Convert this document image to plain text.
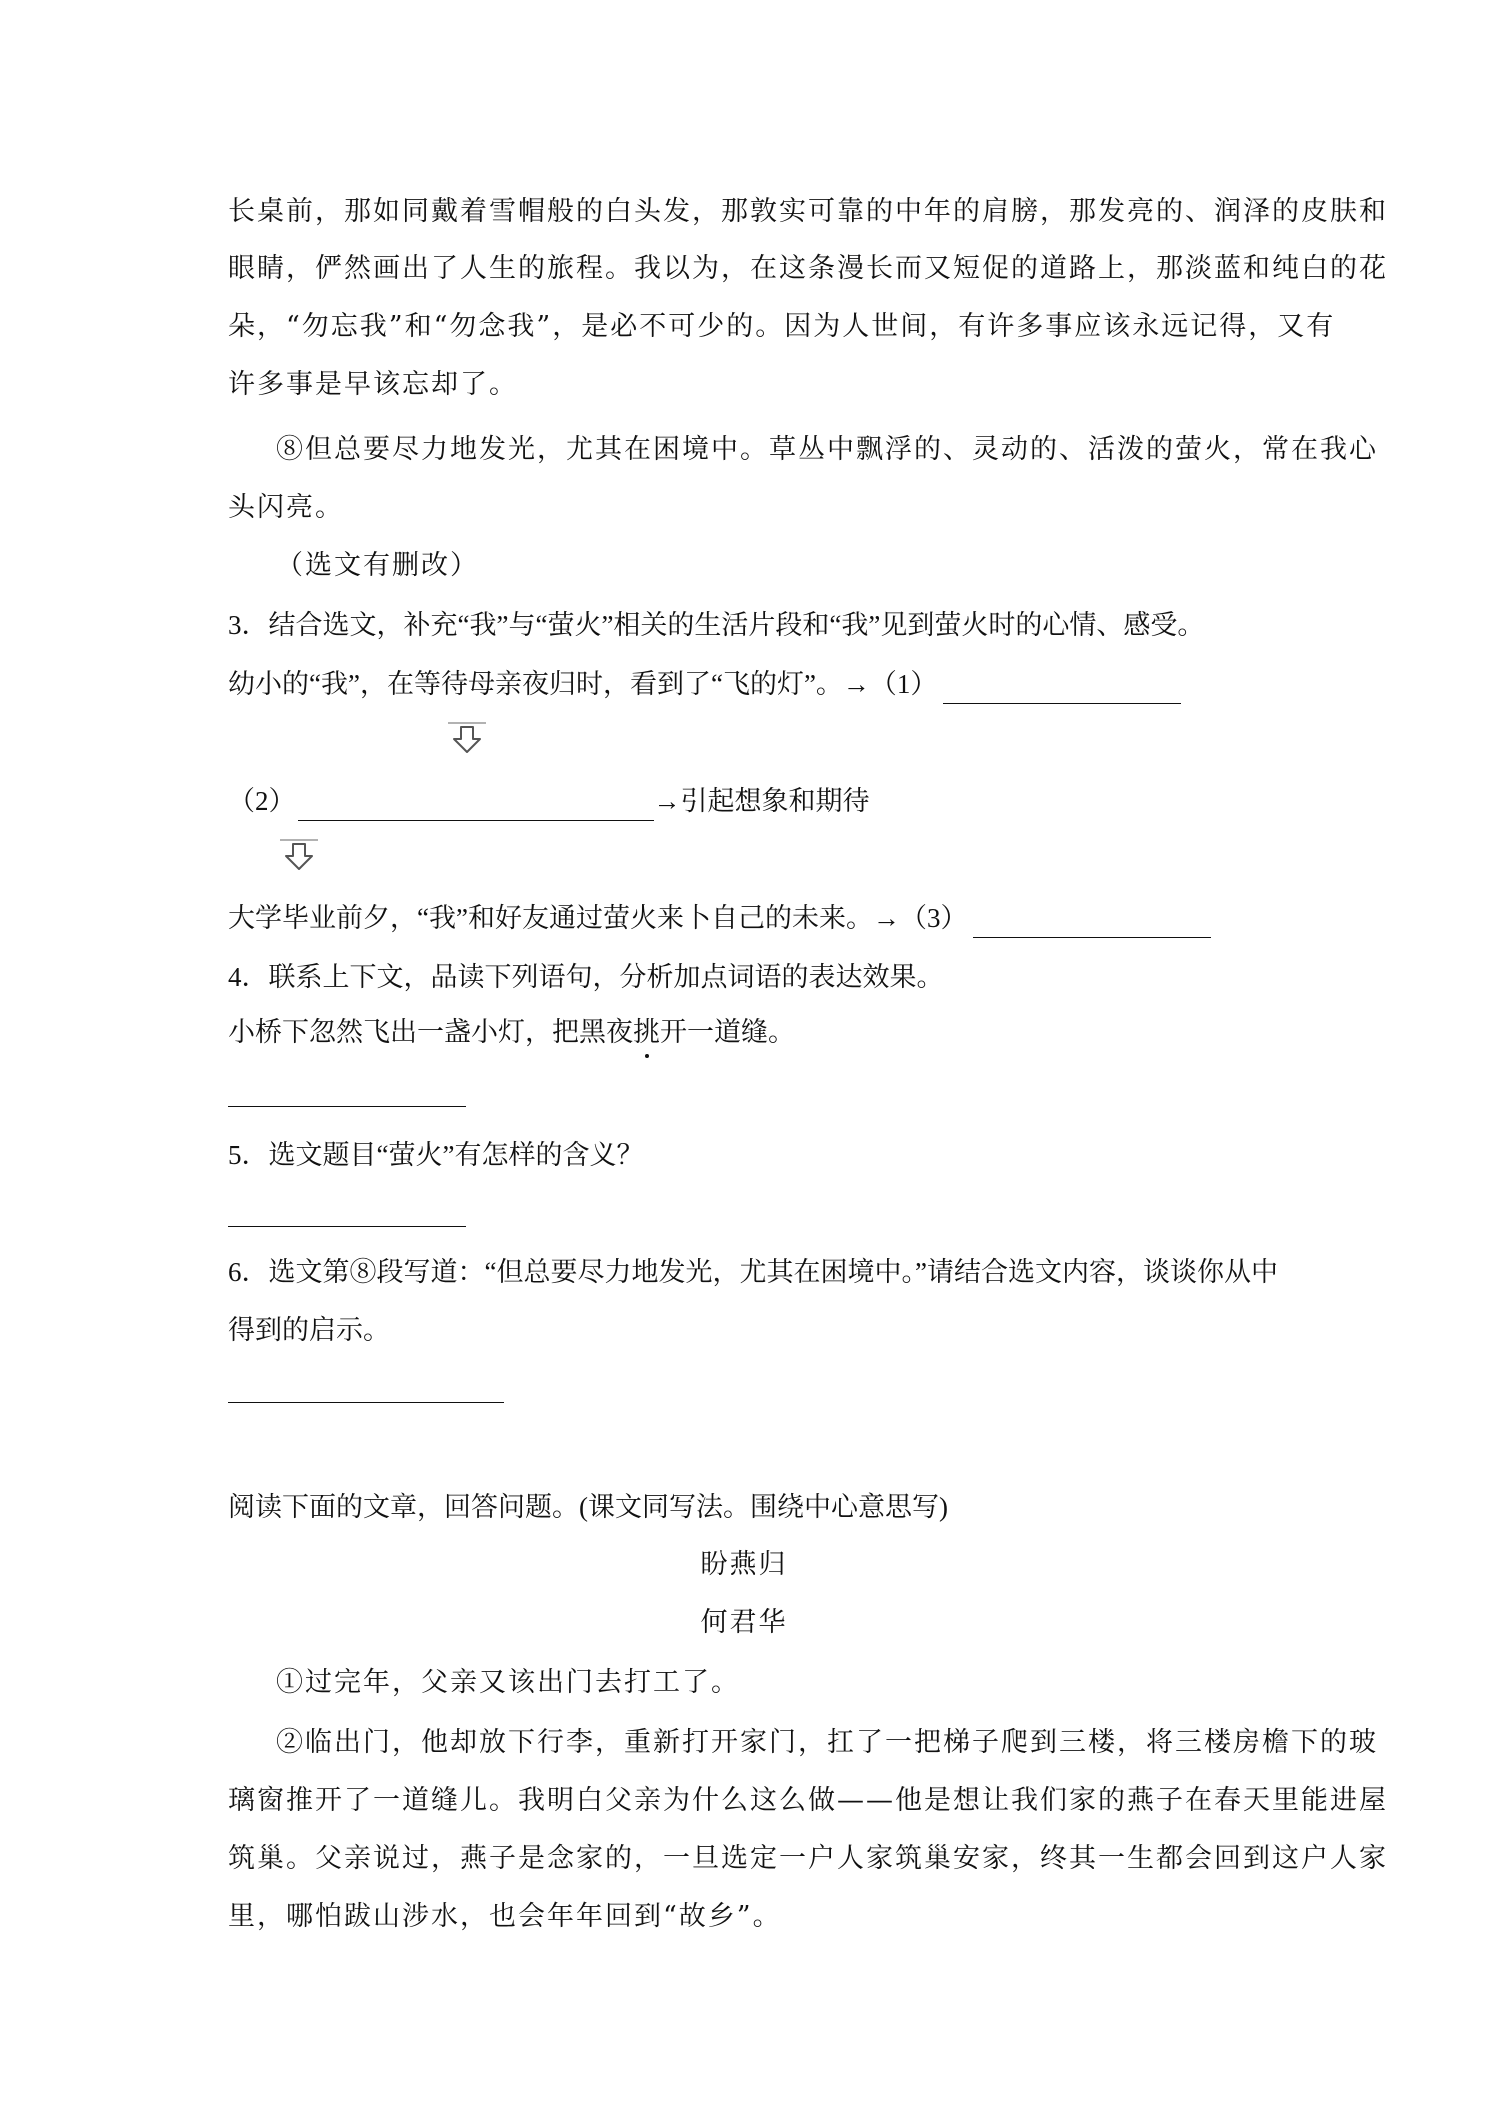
长桌前，那如同戴着雪帽般的白头发，那敦实可靠的中年的肩膀，那发亮的、润泽的皮肤和
眼睛，俨然画出了人生的旅程。我以为，在这条漫长而又短促的道路上，那淡蓝和纯白的花
朵，“勿忘我”和“勿念我”，是必不可少的。因为人世间，有许多事应该永远记得，又有
许多事是早该忘却了。
⑧但总要尽力地发光，尤其在困境中。草丛中飘浮的、灵动的、活泼的萤火，常在我心
头闪亮。
（选文有删改）
3．结合选文，补充“我”与“萤火”相关的生活片段和“我”见到萤火时的心情、感受。
幼小的“我”，在等待母亲夜归时，看到了“飞的灯”。→（1）
（2）	→引起想象和期待
大学毕业前夕，“我”和好友通过萤火来卜自己的未来。→（3）
4．联系上下文，品读下列语句，分析加点词语的表达效果。
小桥下忽然飞出一盏小灯，把黑夜挑开一道缝。
5．选文题目“萤火”有怎样的含义？
6．选文第⑧段写道：“但总要尽力地发光，尤其在困境中。”请结合选文内容，谈谈你从中
得到的启示。
阅读下面的文章，回答问题。(课文同写法。围绕中心意思写)
盼燕归
何君华
①过完年，父亲又该出门去打工了。
②临出门，他却放下行李，重新打开家门，扛了一把梯子爬到三楼，将三楼房檐下的玻
璃窗推开了一道缝儿。我明白父亲为什么这么做——他是想让我们家的燕子在春天里能进屋
筑巢。父亲说过，燕子是念家的，一旦选定一户人家筑巢安家，终其一生都会回到这户人家
里，哪怕跋山涉水，也会年年回到“故乡”。
